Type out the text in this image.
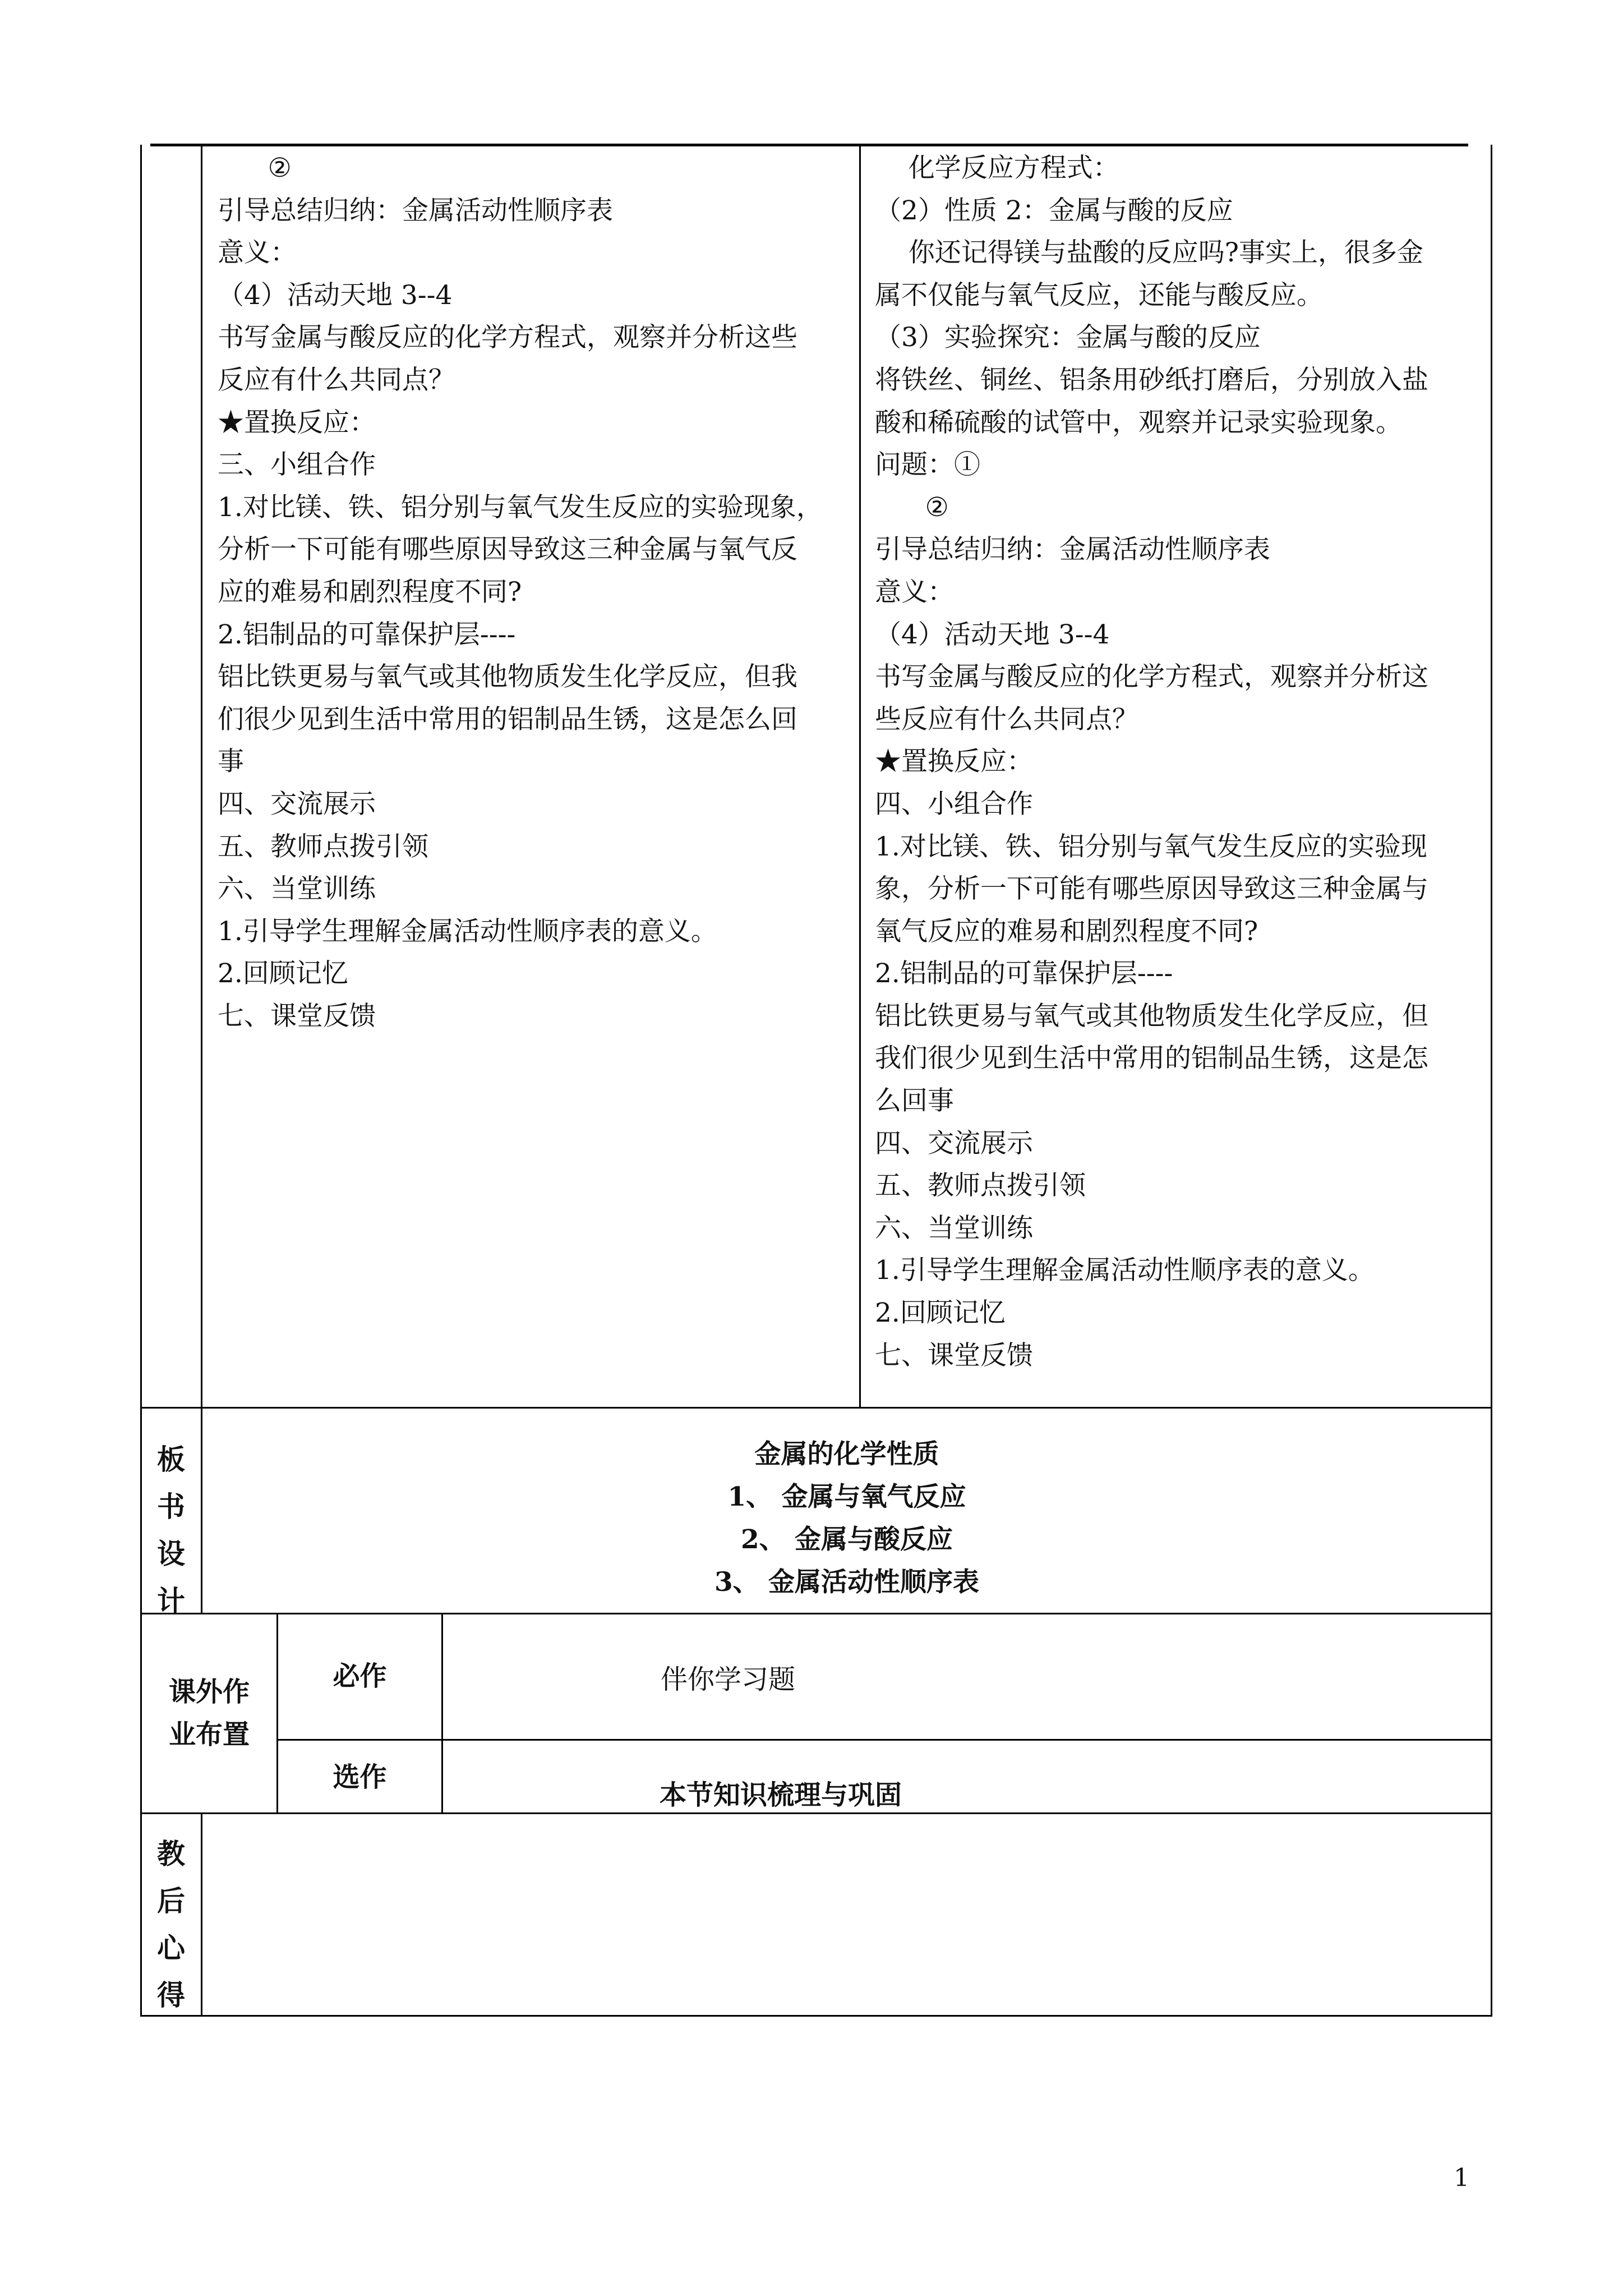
②
引导总结归纳：金属活动性顺序表
意义：
（4）活动天地 3--4
书写金属与酸反应的化学方程式，观察并分析这些
反应有什么共同点？
★置换反应：
三、小组合作
1.对比镁、铁、铝分别与氧气发生反应的实验现象，
分析一下可能有哪些原因导致这三种金属与氧气反
应的难易和剧烈程度不同?
2.铝制品的可靠保护层----
铝比铁更易与氧气或其他物质发生化学反应，但我
们很少见到生活中常用的铝制品生锈，这是怎么回
事
四、交流展示
五、教师点拨引领
六、当堂训练
1.引导学生理解金属活动性顺序表的意义。
2.回顾记忆
七、课堂反馈
化学反应方程式：
（2）性质 2：金属与酸的反应
你还记得镁与盐酸的反应吗?事实上，很多金
属不仅能与氧气反应，还能与酸反应。
（3）实验探究：金属与酸的反应
将铁丝、铜丝、铝条用砂纸打磨后，分别放入盐
酸和稀硫酸的试管中，观察并记录实验现象。
问题：①
②
引导总结归纳：金属活动性顺序表
意义：
（4）活动天地 3--4
书写金属与酸反应的化学方程式，观察并分析这
些反应有什么共同点？
★置换反应：
四、小组合作
1.对比镁、铁、铝分别与氧气发生反应的实验现
象，分析一下可能有哪些原因导致这三种金属与
氧气反应的难易和剧烈程度不同?
2.铝制品的可靠保护层----
铝比铁更易与氧气或其他物质发生化学反应，但
我们很少见到生活中常用的铝制品生锈，这是怎
么回事
四、交流展示
五、教师点拨引领
六、当堂训练
1.引导学生理解金属活动性顺序表的意义。
2.回顾记忆
七、课堂反馈
板
书
设
计
金属的化学性质
1、 金属与氧气反应
2、 金属与酸反应
3、 金属活动性顺序表
课外作
业布置
必作	伴你学习题
选作
本节知识梳理与巩固
教
后
心
得
1
